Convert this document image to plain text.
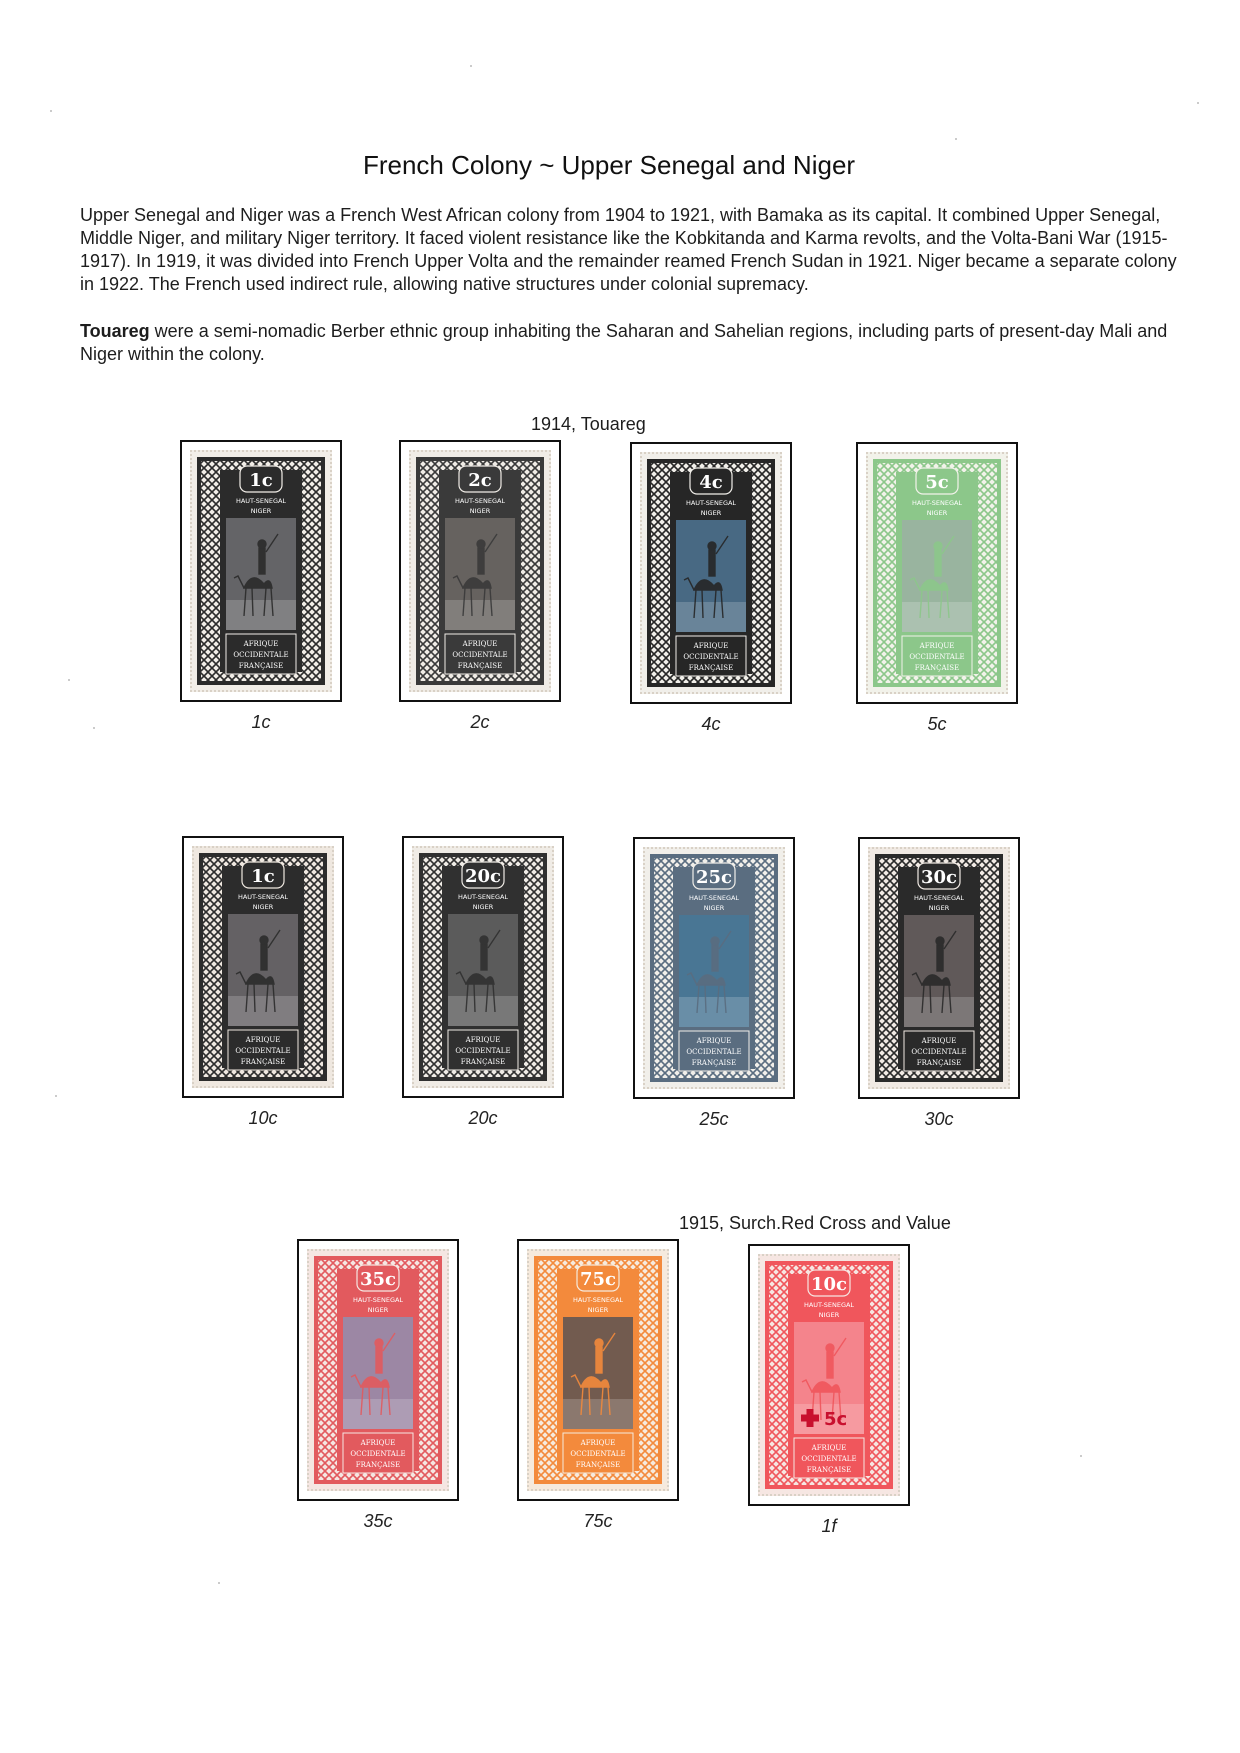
French Colony ~ Upper Senegal and Niger

Upper Senegal and Niger was a French West African colony from 1904 to 1921, with Bamaka as its capital. It combined Upper Senegal, Middle Niger, and military Niger territory. It faced violent resistance like the Kobkitanda and Karma revolts, and the Volta-Bani War (1915-1917). In 1919, it was divided into French Upper Volta and the remainder reamed French Sudan in 1921. Niger became a separate colony in 1922. The French used indirect rule, allowing native structures under colonial supremacy.

Touareg were a semi-nomadic Berber ethnic group inhabiting the Saharan and Sahelian regions, including parts of present-day Mali and Niger within the colony.

1914, Touareg
1915, Surch.Red Cross and Value
1c
HAUT-SENEGAL
NIGER
AFRIQUE
OCCIDENTALE
FRANÇAISE
1c
2c
HAUT-SENEGAL
NIGER
AFRIQUE
OCCIDENTALE
FRANÇAISE
2c
4c
HAUT-SENEGAL
NIGER
AFRIQUE
OCCIDENTALE
FRANÇAISE
4c
5c
HAUT-SENEGAL
NIGER
AFRIQUE
OCCIDENTALE
FRANÇAISE
5c
1c
HAUT-SENEGAL
NIGER
AFRIQUE
OCCIDENTALE
FRANÇAISE
10c
20c
HAUT-SENEGAL
NIGER
AFRIQUE
OCCIDENTALE
FRANÇAISE
20c
25c
HAUT-SENEGAL
NIGER
AFRIQUE
OCCIDENTALE
FRANÇAISE
25c
30c
HAUT-SENEGAL
NIGER
AFRIQUE
OCCIDENTALE
FRANÇAISE
30c
35c
HAUT-SENEGAL
NIGER
AFRIQUE
OCCIDENTALE
FRANÇAISE
35c
75c
HAUT-SENEGAL
NIGER
AFRIQUE
OCCIDENTALE
FRANÇAISE
75c
10c
HAUT-SENEGAL
NIGER
AFRIQUE
OCCIDENTALE
FRANÇAISE
5c
1f
